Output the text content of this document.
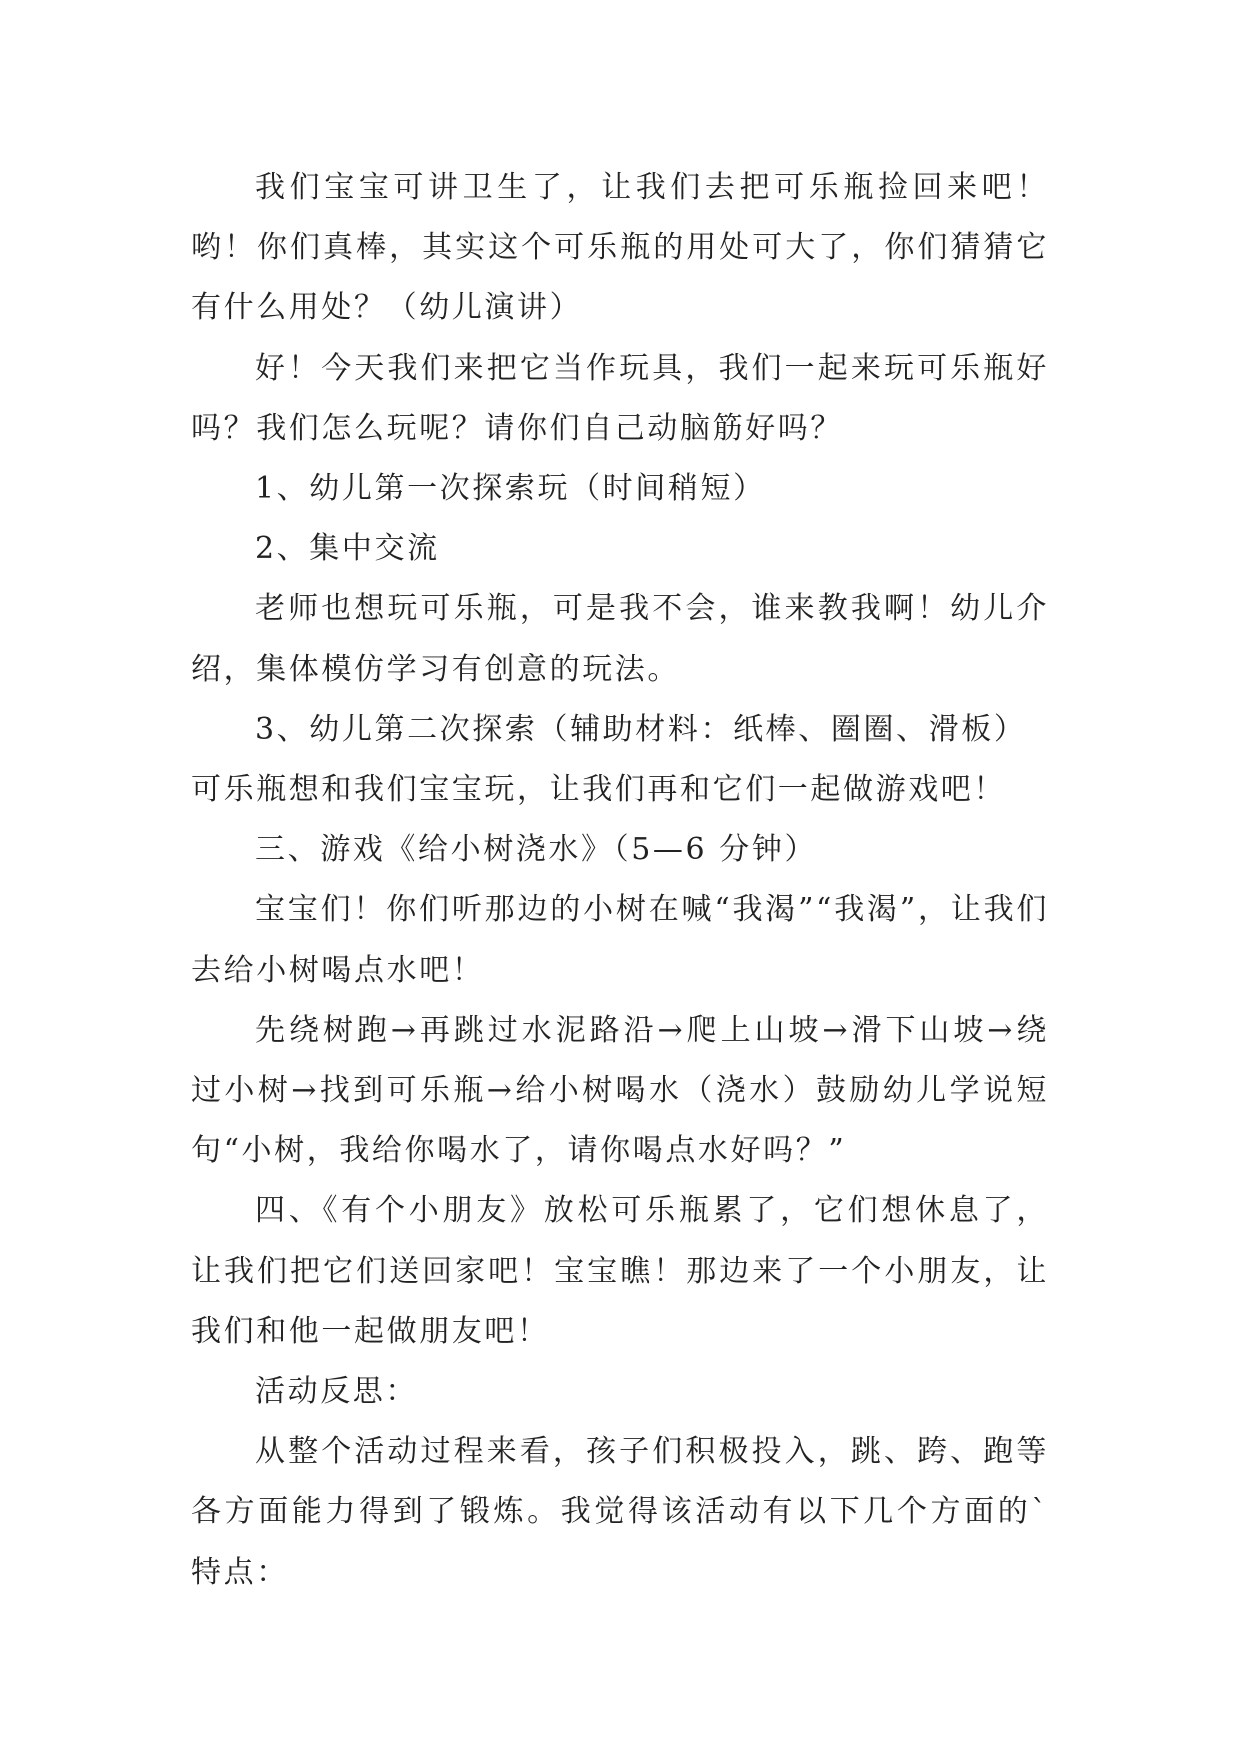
我们宝宝可讲卫生了，让我们去把可乐瓶捡回来吧！哟！你们真棒，其实这个可乐瓶的用处可大了，你们猜猜它有什么用处？（幼儿演讲）

好！今天我们来把它当作玩具，我们一起来玩可乐瓶好吗？我们怎么玩呢？请你们自己动脑筋好吗？

1、幼儿第一次探索玩（时间稍短）

2、集中交流

老师也想玩可乐瓶，可是我不会，谁来教我啊！幼儿介绍，集体模仿学习有创意的玩法。

3、幼儿第二次探索（辅助材料：纸棒、圈圈、滑板）

可乐瓶想和我们宝宝玩，让我们再和它们一起做游戏吧！

三、游戏《给小树浇水》（5—6 分钟）

宝宝们！你们听那边的小树在喊“我渴”“我渴”，让我们去给小树喝点水吧！

先绕树跑→再跳过水泥路沿→爬上山坡→滑下山坡→绕过小树→找到可乐瓶→给小树喝水（浇水）鼓励幼儿学说短句“小树，我给你喝水了，请你喝点水好吗？”

四、《有个小朋友》放松可乐瓶累了，它们想休息了，让我们把它们送回家吧！宝宝瞧！那边来了一个小朋友，让我们和他一起做朋友吧！

活动反思：

从整个活动过程来看，孩子们积极投入，跳、跨、跑等各方面能力得到了锻炼。我觉得该活动有以下几个方面的`特点：
